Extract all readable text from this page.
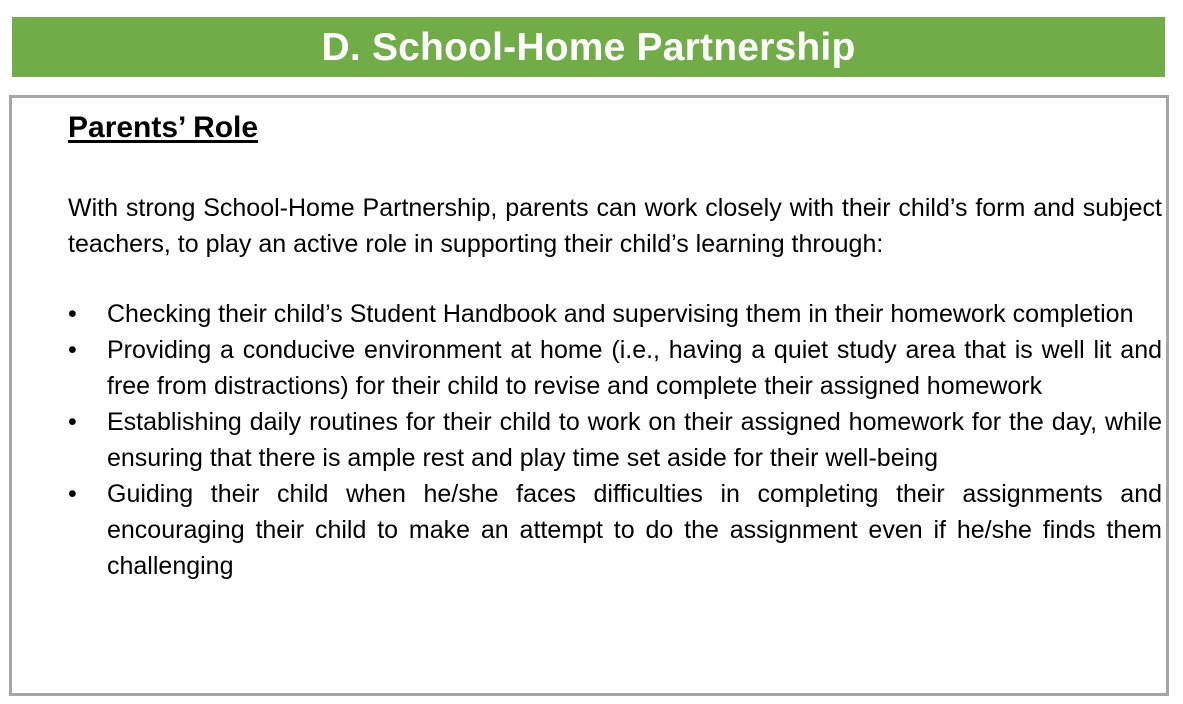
D. School-Home Partnership
Parents’ Role

With strong School-Home Partnership, parents can work closely with their child’s form and subject teachers, to play an active role in supporting their child’s learning through:

• Checking their child’s Student Handbook and supervising them in their homework completion
• Providing a conducive environment at home (i.e., having a quiet study area that is well lit and free from distractions) for their child to revise and complete their assigned homework
• Establishing daily routines for their child to work on their assigned homework for the day, while ensuring that there is ample rest and play time set aside for their well-being
• Guiding their child when he/she faces difficulties in completing their assignments and encouraging their child to make an attempt to do the assignment even if he/she finds them challenging
